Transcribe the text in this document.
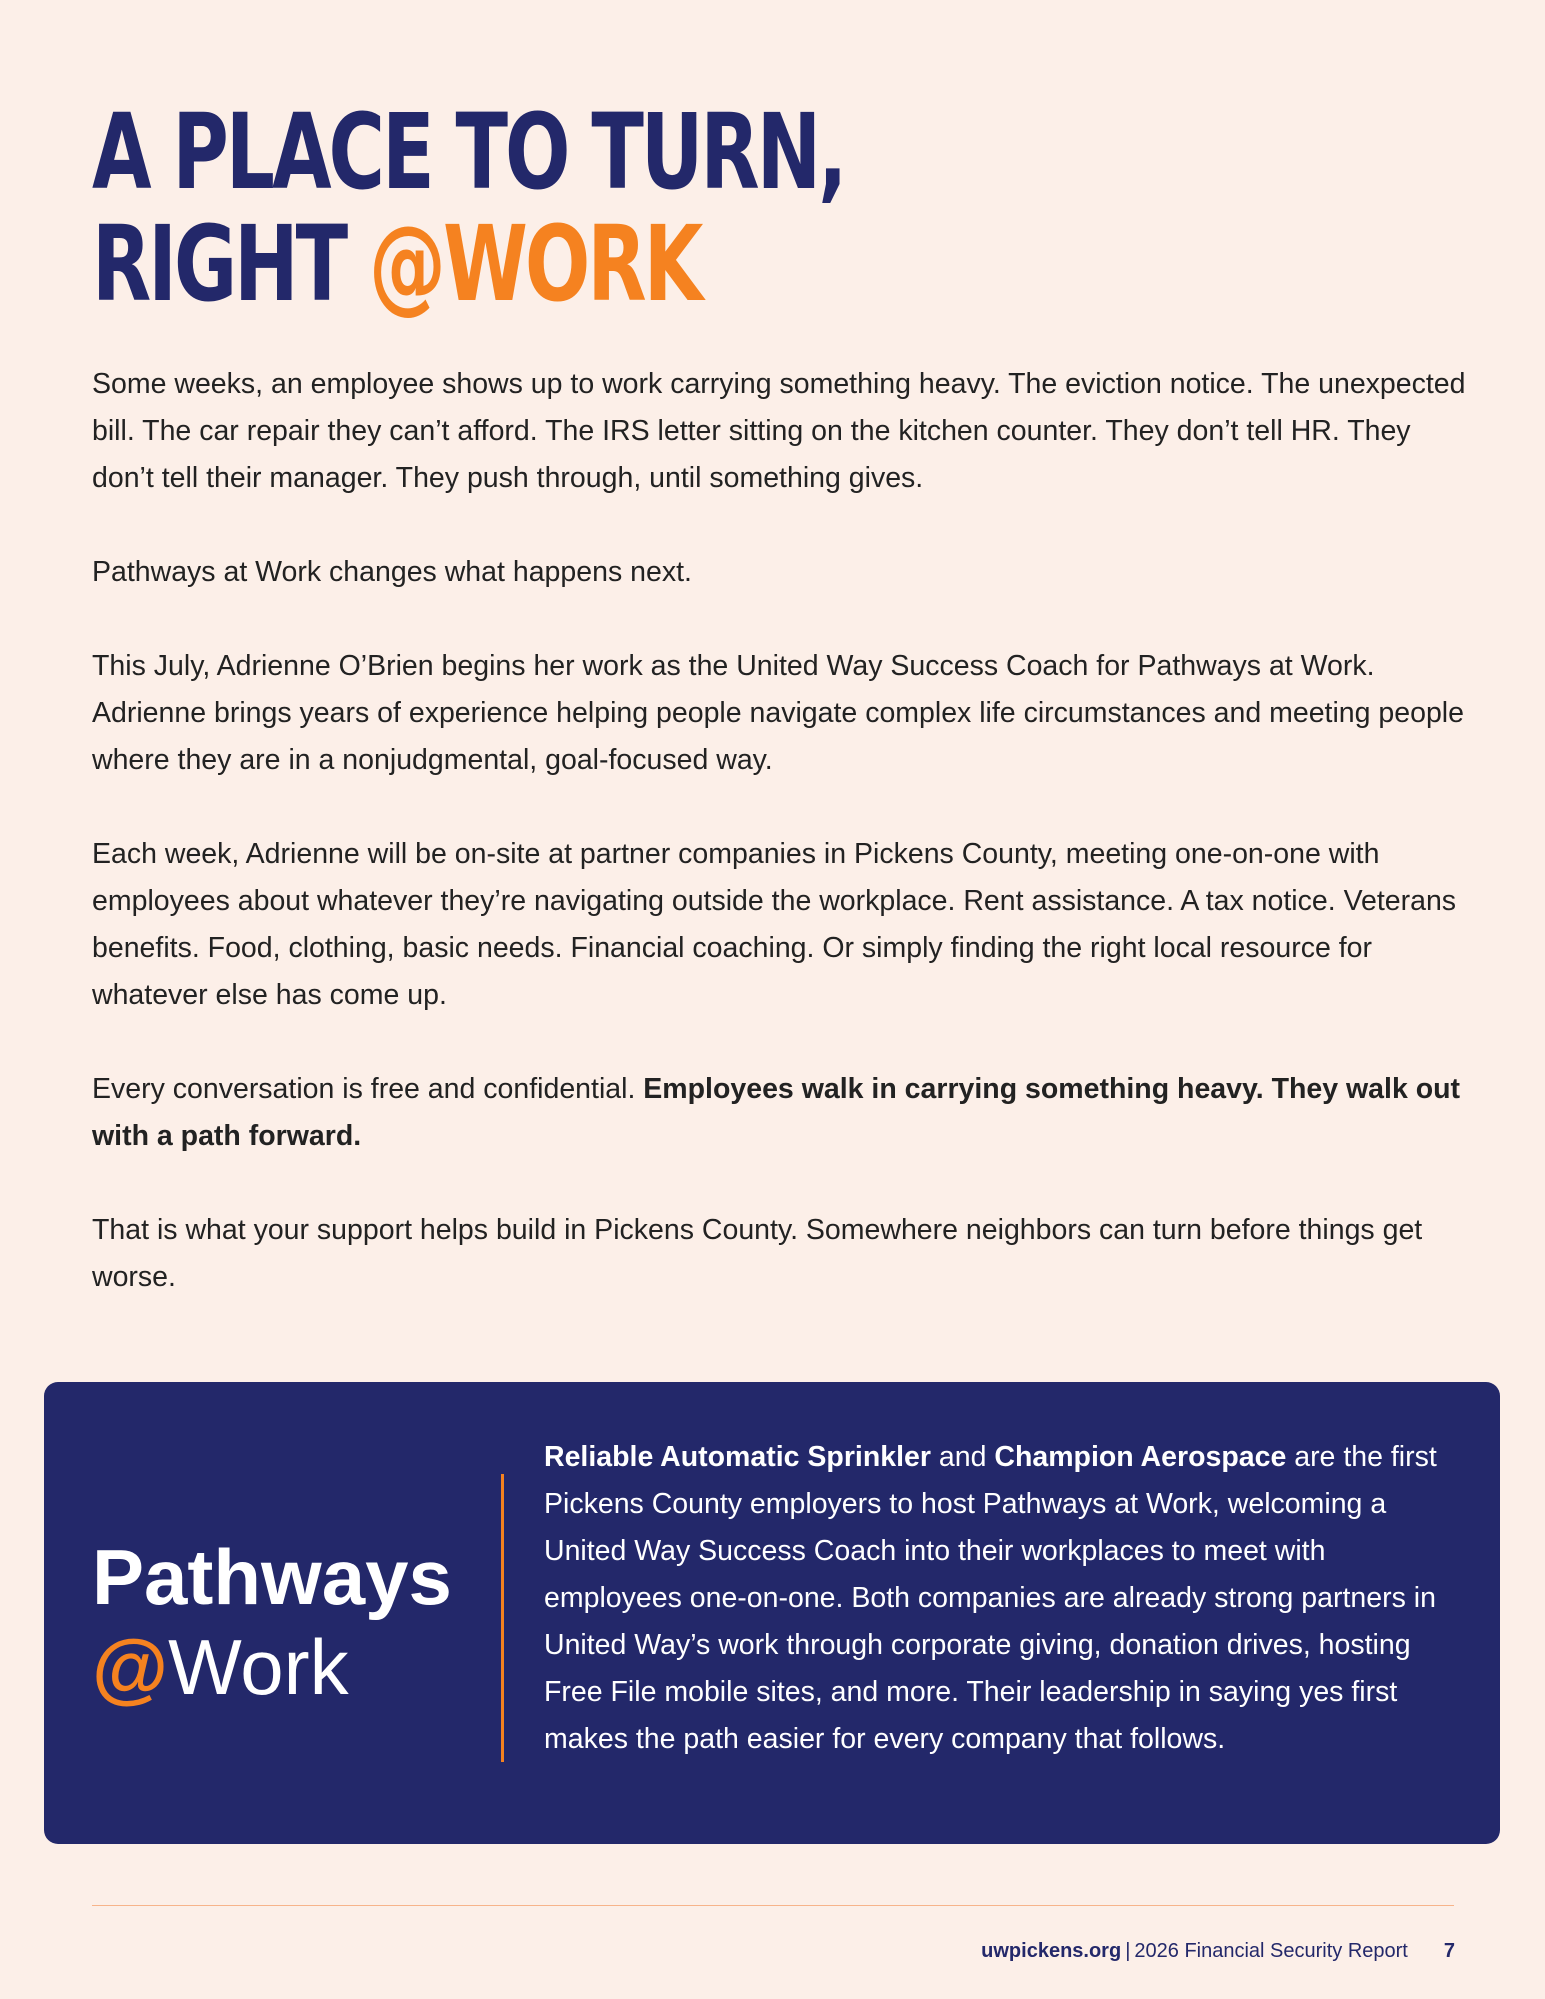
A PLACE TO TURN,
RIGHT @WORK

Some weeks, an employee shows up to work carrying something heavy. The eviction notice. The unexpected bill. The car repair they can’t afford. The IRS letter sitting on the kitchen counter. They don’t tell HR. They don’t tell their manager. They push through, until something gives.

Pathways at Work changes what happens next.

This July, Adrienne O’Brien begins her work as the United Way Success Coach for Pathways at Work. Adrienne brings years of experience helping people navigate complex life circumstances and meeting people where they are in a nonjudgmental, goal-focused way.

Each week, Adrienne will be on-site at partner companies in Pickens County, meeting one-on-one with employees about whatever they’re navigating outside the workplace. Rent assistance. A tax notice. Veterans benefits. Food, clothing, basic needs. Financial coaching. Or simply finding the right local resource for whatever else has come up.

Every conversation is free and confidential. Employees walk in carrying something heavy. They walk out with a path forward.

That is what your support helps build in Pickens County. Somewhere neighbors can turn before things get worse.

Pathways
@Work

Reliable Automatic Sprinkler and Champion Aerospace are the first Pickens County employers to host Pathways at Work, welcoming a United Way Success Coach into their workplaces to meet with employees one-on-one. Both companies are already strong partners in United Way’s work through corporate giving, donation drives, hosting Free File mobile sites, and more. Their leadership in saying yes first makes the path easier for every company that follows.

uwpickens.org | 2026 Financial Security Report 7
